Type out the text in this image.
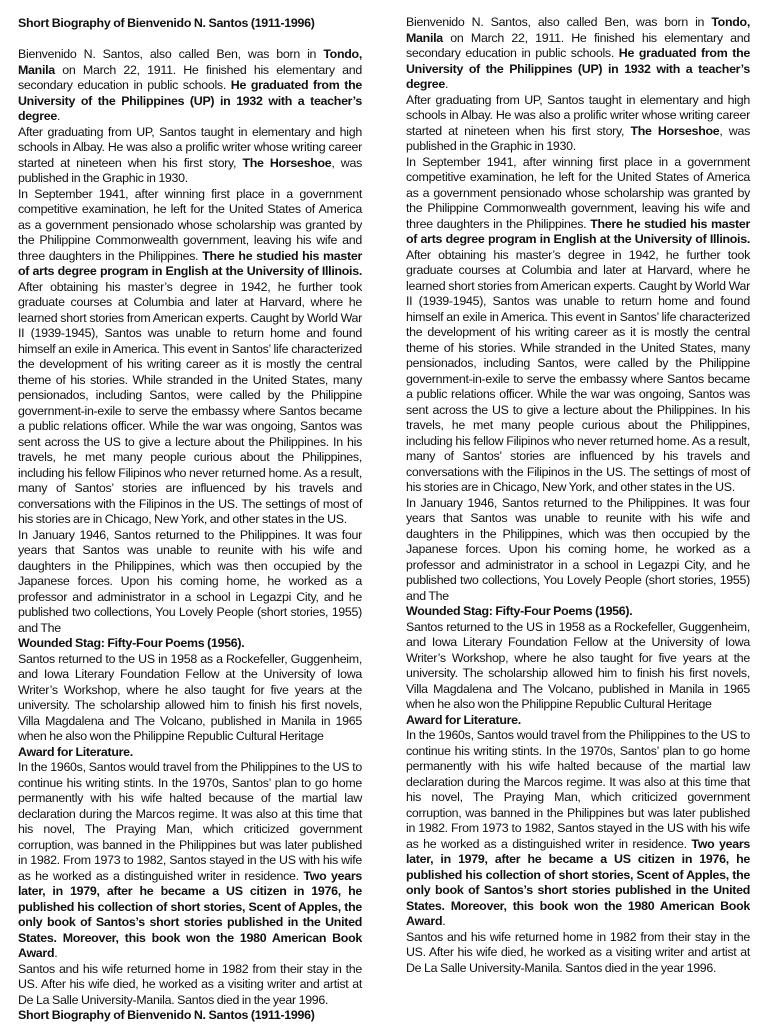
Short Biography of Bienvenido N. Santos (1911-1996)

Bienvenido N. Santos, also called Ben, was born in Tondo, Manila on March 22, 1911. He finished his elementary and secondary education in public schools. He graduated from the University of the Philippines (UP) in 1932 with a teacher’s degree.

After graduating from UP, Santos taught in elementary and high schools in Albay. He was also a prolific writer whose writing career started at nineteen when his first story, The Horseshoe, was published in the Graphic in 1930.

In September 1941, after winning first place in a government competitive examination, he left for the United States of America as a government pensionado whose scholarship was granted by the Philippine Commonwealth government, leaving his wife and three daughters in the Philippines. There he studied his master of arts degree program in English at the University of Illinois. After obtaining his master’s degree in 1942, he further took graduate courses at Columbia and later at Harvard, where he learned short stories from American experts. Caught by World War II (1939-1945), Santos was unable to return home and found himself an exile in America. This event in Santos’ life characterized the development of his writing career as it is mostly the central theme of his stories. While stranded in the United States, many pensionados, including Santos, were called by the Philippine government-in-exile to serve the embassy where Santos became a public relations officer. While the war was ongoing, Santos was sent across the US to give a lecture about the Philippines. In his travels, he met many people curious about the Philippines, including his fellow Filipinos who never returned home. As a result, many of Santos’ stories are influenced by his travels and conversations with the Filipinos in the US. The settings of most of his stories are in Chicago, New York, and other states in the US.

In January 1946, Santos returned to the Philippines. It was four years that Santos was unable to reunite with his wife and daughters in the Philippines, which was then occupied by the Japanese forces. Upon his coming home, he worked as a professor and administrator in a school in Legazpi City, and he published two collections, You Lovely People (short stories, 1955) and The

Wounded Stag: Fifty-Four Poems (1956).

Santos returned to the US in 1958 as a Rockefeller, Guggenheim, and Iowa Literary Foundation Fellow at the University of Iowa Writer’s Workshop, where he also taught for five years at the university. The scholarship allowed him to finish his first novels, Villa Magdalena and The Volcano, published in Manila in 1965 when he also won the Philippine Republic Cultural Heritage

Award for Literature.

In the 1960s, Santos would travel from the Philippines to the US to continue his writing stints. In the 1970s, Santos’ plan to go home permanently with his wife halted because of the martial law declaration during the Marcos regime. It was also at this time that his novel, The Praying Man, which criticized government corruption, was banned in the Philippines but was later published in 1982. From 1973 to 1982, Santos stayed in the US with his wife as he worked as a distinguished writer in residence. Two years later, in 1979, after he became a US citizen in 1976, he published his collection of short stories, Scent of Apples, the only book of Santos’s short stories published in the United States. Moreover, this book won the 1980 American Book Award.

Santos and his wife returned home in 1982 from their stay in the US. After his wife died, he worked as a visiting writer and artist at De La Salle University-Manila. Santos died in the year 1996.

Short Biography of Bienvenido N. Santos (1911-1996)

Bienvenido N. Santos, also called Ben, was born in Tondo, Manila on March 22, 1911. He finished his elementary and secondary education in public schools. He graduated from the University of the Philippines (UP) in 1932 with a teacher’s degree.

After graduating from UP, Santos taught in elementary and high schools in Albay. He was also a prolific writer whose writing career started at nineteen when his first story, The Horseshoe, was published in the Graphic in 1930.

In September 1941, after winning first place in a government competitive examination, he left for the United States of America as a government pensionado whose scholarship was granted by the Philippine Commonwealth government, leaving his wife and three daughters in the Philippines. There he studied his master of arts degree program in English at the University of Illinois. After obtaining his master’s degree in 1942, he further took graduate courses at Columbia and later at Harvard, where he learned short stories from American experts. Caught by World War II (1939-1945), Santos was unable to return home and found himself an exile in America. This event in Santos’ life characterized the development of his writing career as it is mostly the central theme of his stories. While stranded in the United States, many pensionados, including Santos, were called by the Philippine government-in-exile to serve the embassy where Santos became a public relations officer. While the war was ongoing, Santos was sent across the US to give a lecture about the Philippines. In his travels, he met many people curious about the Philippines, including his fellow Filipinos who never returned home. As a result, many of Santos’ stories are influenced by his travels and conversations with the Filipinos in the US. The settings of most of his stories are in Chicago, New York, and other states in the US.

In January 1946, Santos returned to the Philippines. It was four years that Santos was unable to reunite with his wife and daughters in the Philippines, which was then occupied by the Japanese forces. Upon his coming home, he worked as a professor and administrator in a school in Legazpi City, and he published two collections, You Lovely People (short stories, 1955) and The

Wounded Stag: Fifty-Four Poems (1956).

Santos returned to the US in 1958 as a Rockefeller, Guggenheim, and Iowa Literary Foundation Fellow at the University of Iowa Writer’s Workshop, where he also taught for five years at the university. The scholarship allowed him to finish his first novels, Villa Magdalena and The Volcano, published in Manila in 1965 when he also won the Philippine Republic Cultural Heritage

Award for Literature.

In the 1960s, Santos would travel from the Philippines to the US to continue his writing stints. In the 1970s, Santos’ plan to go home permanently with his wife halted because of the martial law declaration during the Marcos regime. It was also at this time that his novel, The Praying Man, which criticized government corruption, was banned in the Philippines but was later published in 1982. From 1973 to 1982, Santos stayed in the US with his wife as he worked as a distinguished writer in residence. Two years later, in 1979, after he became a US citizen in 1976, he published his collection of short stories, Scent of Apples, the only book of Santos’s short stories published in the United States. Moreover, this book won the 1980 American Book Award.

Santos and his wife returned home in 1982 from their stay in the US. After his wife died, he worked as a visiting writer and artist at De La Salle University-Manila. Santos died in the year 1996.
